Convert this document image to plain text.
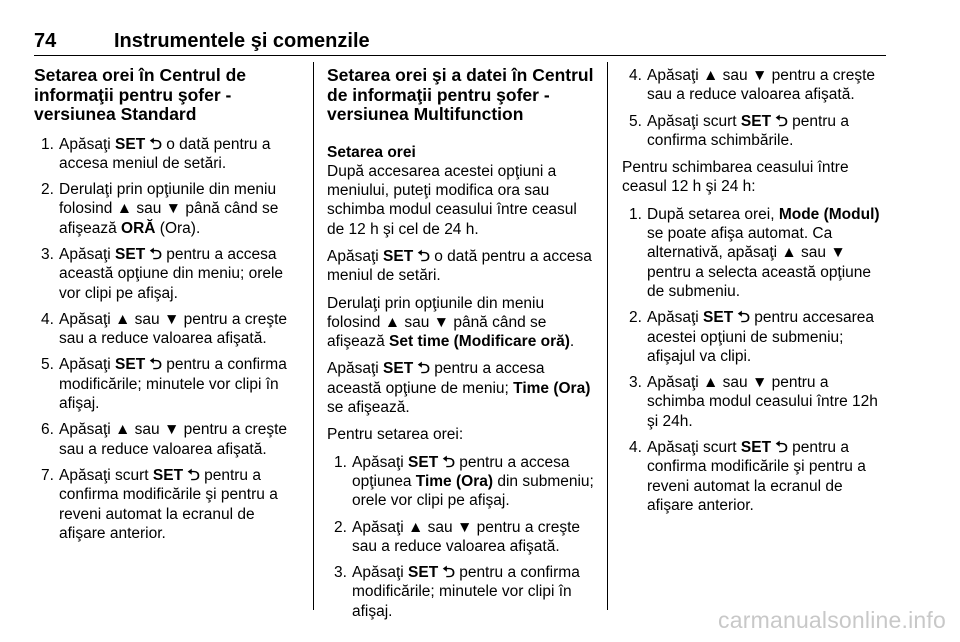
74	Instrumentele şi comenzile
Setarea orei în Centrul de informaţii pentru şofer - versiunea Standard
1. Apăsaţi SET ⮌ o dată pentru a accesa meniul de setări.
2. Derulaţi prin opţiunile din meniu folosind ▲ sau ▼ până când se afişează ORĂ (Ora).
3. Apăsaţi SET ⮌ pentru a accesa această opţiune din meniu; orele vor clipi pe afişaj.
4. Apăsaţi ▲ sau ▼ pentru a creşte sau a reduce valoarea afişată.
5. Apăsaţi SET ⮌ pentru a confirma modificările; minutele vor clipi în afişaj.
6. Apăsaţi ▲ sau ▼ pentru a creşte sau a reduce valoarea afişată.
7. Apăsaţi scurt SET ⮌ pentru a confirma modificările şi pentru a reveni automat la ecranul de afişare anterior.
Setarea orei şi a datei în Centrul de informaţii pentru şofer - versiunea Multifunction
Setarea orei

După accesarea acestei opţiuni a meniului, puteţi modifica ora sau schimba modul ceasului între ceasul de 12 h şi cel de 24 h.

Apăsaţi SET ⮌ o dată pentru a accesa meniul de setări.

Derulaţi prin opţiunile din meniu folosind ▲ sau ▼ până când se afişează Set time (Modificare oră).

Apăsaţi SET ⮌ pentru a accesa această opţiune de meniu; Time (Ora) se afişează.

Pentru setarea orei:

1. Apăsaţi SET ⮌ pentru a accesa opţiunea Time (Ora) din submeniu; orele vor clipi pe afişaj.
2. Apăsaţi ▲ sau ▼ pentru a creşte sau a reduce valoarea afişată.
3. Apăsaţi SET ⮌ pentru a confirma modificările; minutele vor clipi în afişaj.
4. Apăsaţi ▲ sau ▼ pentru a creşte sau a reduce valoarea afişată.
5. Apăsaţi scurt SET ⮌ pentru a confirma schimbările.

Pentru schimbarea ceasului între ceasul 12 h şi 24 h:

1. După setarea orei, Mode (Modul) se poate afişa automat. Ca alternativă, apăsaţi ▲ sau ▼ pentru a selecta această opţiune de submeniu.
2. Apăsaţi SET ⮌ pentru accesarea acestei opţiuni de submeniu; afişajul va clipi.
3. Apăsaţi ▲ sau ▼ pentru a schimba modul ceasului între 12h şi 24h.
4. Apăsaţi scurt SET ⮌ pentru a confirma modificările şi pentru a reveni automat la ecranul de afişare anterior.
carmanualsonline.info
